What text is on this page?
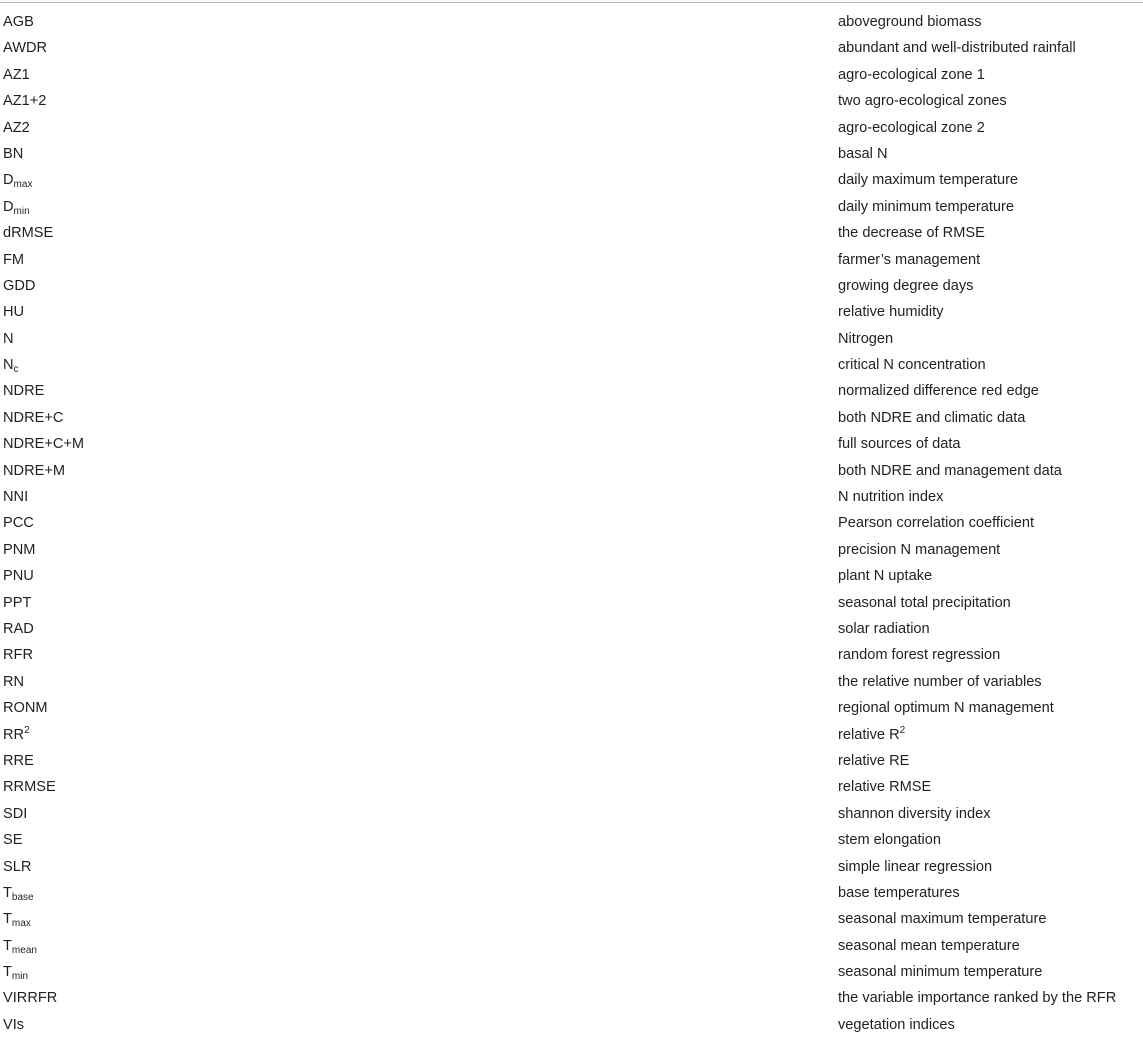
AGB	aboveground biomass
AWDR	abundant and well-distributed rainfall
AZ1	agro-ecological zone 1
AZ1+2	two agro-ecological zones
AZ2	agro-ecological zone 2
BN	basal N
$D_{max}$	daily maximum temperature
$D_{min}$	daily minimum temperature
dRMSE	the decrease of RMSE
FM	farmer’s management
GDD	growing degree days
HU	relative humidity
N	Nitrogen
$N_c$	critical N concentration
NDRE	normalized difference red edge
NDRE+C	both NDRE and climatic data
NDRE+C+M	full sources of data
NDRE+M	both NDRE and management data
NNI	N nutrition index
PCC	Pearson correlation coefficient
PNM	precision N management
PNU	plant N uptake
PPT	seasonal total precipitation
RAD	solar radiation
RFR	random forest regression
RN	the relative number of variables
RONM	regional optimum N management
$RR^2$	relative $R^2$
RRE	relative RE
RRMSE	relative RMSE
SDI	shannon diversity index
SE	stem elongation
SLR	simple linear regression
$T_{base}$	base temperatures
$T_{max}$	seasonal maximum temperature
$T_{mean}$	seasonal mean temperature
$T_{min}$	seasonal minimum temperature
VIRRFR	the variable importance ranked by the RFR
VIs	vegetation indices
